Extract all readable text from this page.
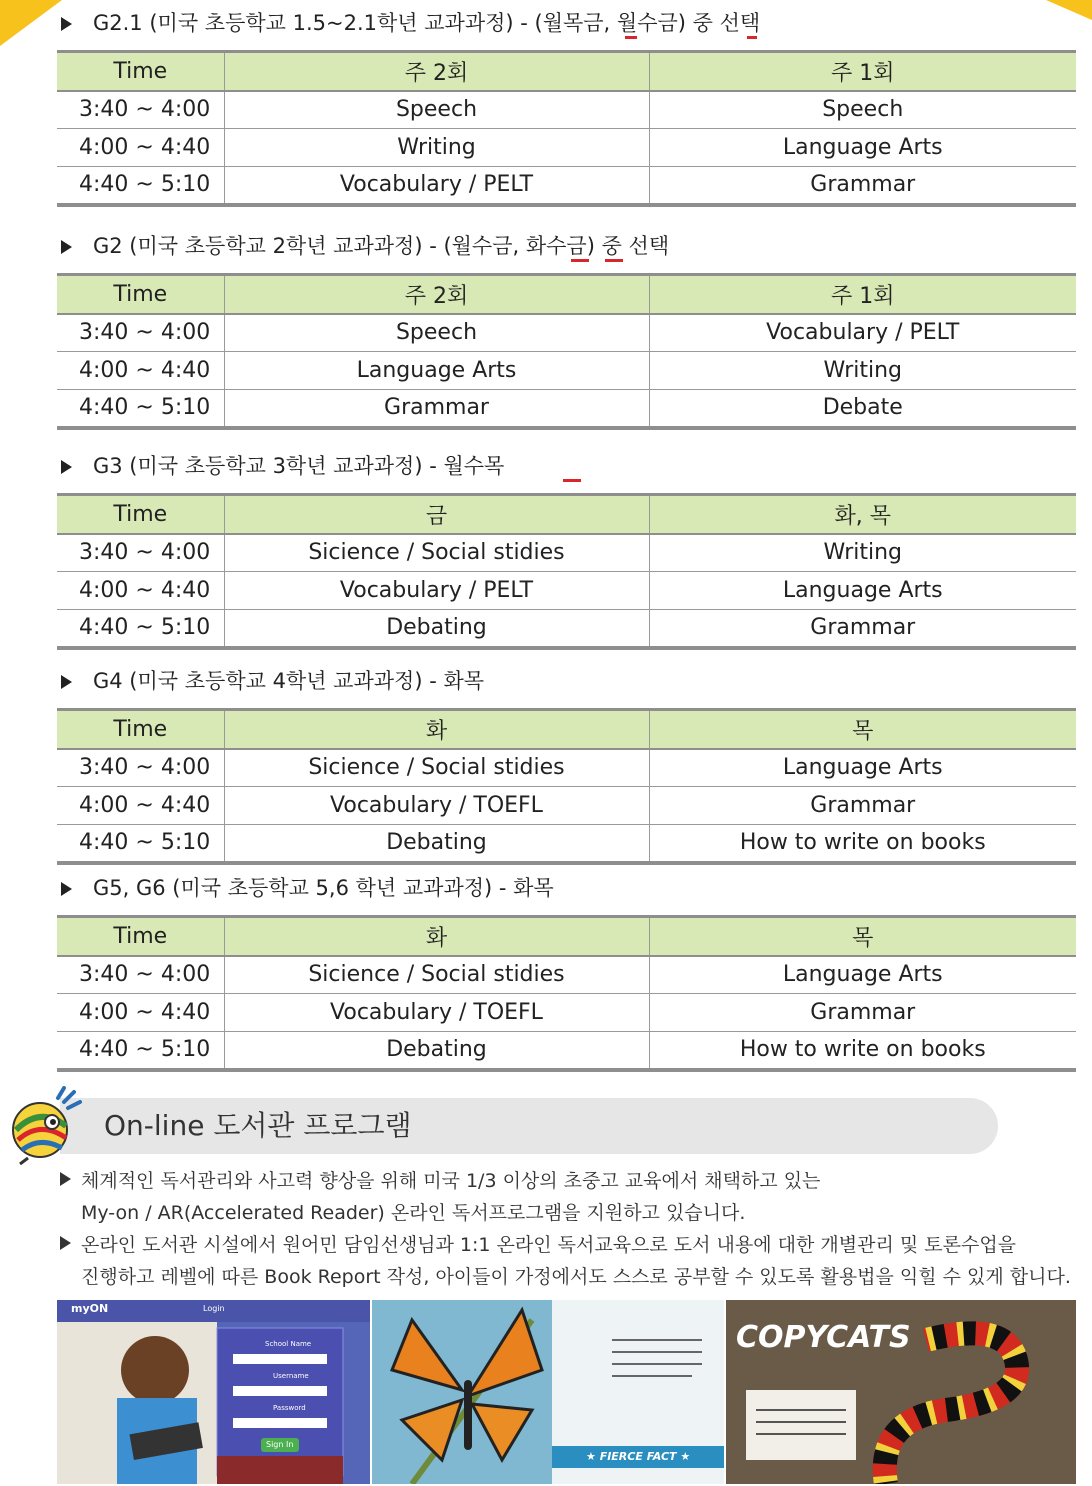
G2.1 (미국 초등학교 1.5~2.1학년 교과과정) - (월목금, 월수금) 중 선택
Time	주 2회	주 1회
3:40 ~ 4:00	Speech	Speech
4:00 ~ 4:40	Writing	Language Arts
4:40 ~ 5:10	Vocabulary / PELT	Grammar
G2 (미국 초등학교 2학년 교과과정) - (월수금, 화수금) 중 선택
Time	주 2회	주 1회
3:40 ~ 4:00	Speech	Vocabulary / PELT
4:00 ~ 4:40	Language Arts	Writing
4:40 ~ 5:10	Grammar	Debate
G3 (미국 초등학교 3학년 교과과정) - 월수목
Time	금	화, 목
3:40 ~ 4:00	Sicience / Social stidies	Writing
4:00 ~ 4:40	Vocabulary / PELT	Language Arts
4:40 ~ 5:10	Debating	Grammar
G4 (미국 초등학교 4학년 교과과정) - 화목
Time	화	목
3:40 ~ 4:00	Sicience / Social stidies	Language Arts
4:00 ~ 4:40	Vocabulary / TOEFL	Grammar
4:40 ~ 5:10	Debating	How to write on books
G5, G6 (미국 초등학교 5,6 학년 교과과정) - 화목
Time	화	목
3:40 ~ 4:00	Sicience / Social stidies	Language Arts
4:00 ~ 4:40	Vocabulary / TOEFL	Grammar
4:40 ~ 5:10	Debating	How to write on books
On-line 도서관 프로그램
체계적인 독서관리와 사고력 향상을 위해 미국 1/3 이상의 초중고 교육에서 채택하고 있는
My-on / AR(Accelerated Reader) 온라인 독서프로그램을 지원하고 있습니다.
온라인 도서관 시설에서 원어민 담임선생님과 1:1 온라인 독서교육으로 도서 내용에 대한 개별관리 및 토론수업을
진행하고 레벨에 따른 Book Report 작성, 아이들이 가정에서도 스스로 공부할 수 있도록 활용법을 익힐 수 있게 합니다.
myON	Login
School Name
Username
Password
Sign In
★ FIERCE FACT ★
COPYCATS
